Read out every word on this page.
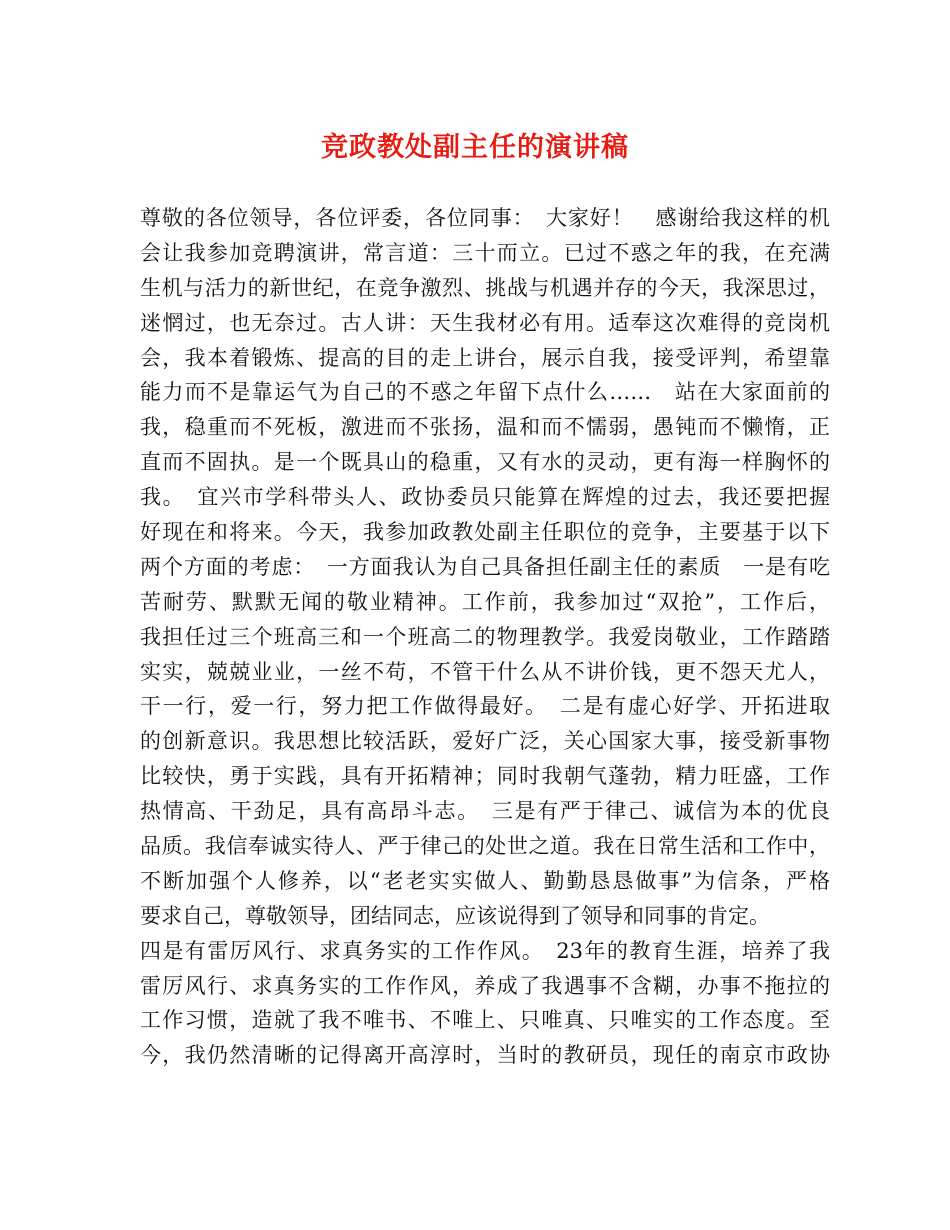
竞政教处副主任的演讲稿
尊敬的各位领导，各位评委，各位同事：　大家好！　感谢给我这样的机
会让我参加竞聘演讲，常言道：三十而立。已过不惑之年的我，在充满
生机与活力的新世纪，在竞争激烈、挑战与机遇并存的今天，我深思过，
迷惘过，也无奈过。古人讲：天生我材必有用。适奉这次难得的竞岗机
会，我本着锻炼、提高的目的走上讲台，展示自我，接受评判，希望靠
能力而不是靠运气为自己的不惑之年留下点什么……　站在大家面前的
我，稳重而不死板，激进而不张扬，温和而不懦弱，愚钝而不懒惰，正
直而不固执。是一个既具山的稳重，又有水的灵动，更有海一样胸怀的
我。　宜兴市学科带头人、政协委员只能算在辉煌的过去，我还要把握
好现在和将来。今天，我参加政教处副主任职位的竞争，主要基于以下
两个方面的考虑：　一方面我认为自己具备担任副主任的素质　一是有吃
苦耐劳、默默无闻的敬业精神。工作前，我参加过“双抢”，工作后，
我担任过三个班高三和一个班高二的物理教学。我爱岗敬业，工作踏踏
实实，兢兢业业，一丝不苟，不管干什么从不讲价钱，更不怨天尤人，
干一行，爱一行，努力把工作做得最好。　二是有虚心好学、开拓进取
的创新意识。我思想比较活跃，爱好广泛，关心国家大事，接受新事物
比较快，勇于实践，具有开拓精神；同时我朝气蓬勃，精力旺盛，工作
热情高、干劲足，具有高昂斗志。　三是有严于律己、诚信为本的优良
品质。我信奉诚实待人、严于律己的处世之道。我在日常生活和工作中，
不断加强个人修养，以“老老实实做人、勤勤恳恳做事”为信条，严格
要求自己，尊敬领导，团结同志，应该说得到了领导和同事的肯定。
四是有雷厉风行、求真务实的工作作风。　23年的教育生涯，培养了我
雷厉风行、求真务实的工作作风，养成了我遇事不含糊，办事不拖拉的
工作习惯，造就了我不唯书、不唯上、只唯真、只唯实的工作态度。至
今，我仍然清晰的记得离开高淳时，当时的教研员，现任的南京市政协
